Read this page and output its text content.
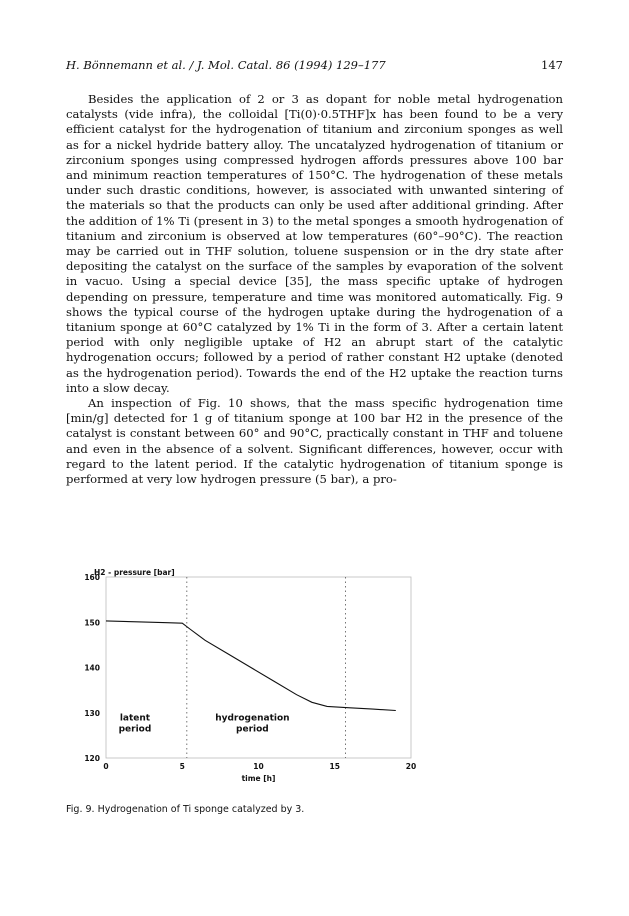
H. Bönnemann et al. / J. Mol. Catal. 86 (1994) 129–177	147

Besides the application of 2 or 3 as dopant for noble metal hydrogenation catalysts (vide infra), the colloidal [Ti(0)·0.5THF]x has been found to be a very efficient catalyst for the hydrogenation of titanium and zirconium sponges as well as for a nickel hydride battery alloy. The uncatalyzed hydrogenation of titanium or zirconium sponges using compressed hydrogen affords pressures above 100 bar and minimum reaction temperatures of 150°C. The hydrogenation of these metals under such drastic conditions, however, is associated with unwanted sintering of the materials so that the products can only be used after additional grinding. After the addition of 1% Ti (present in 3) to the metal sponges a smooth hydrogenation of titanium and zirconium is observed at low temperatures (60°–90°C). The reaction may be carried out in THF solution, toluene suspension or in the dry state after depositing the catalyst on the surface of the samples by evaporation of the solvent in vacuo. Using a special device [35], the mass specific uptake of hydrogen depending on pressure, temperature and time was monitored automatically. Fig. 9 shows the typical course of the hydrogen uptake during the hydrogenation of a titanium sponge at 60°C catalyzed by 1% Ti in the form of 3. After a certain latent period with only negligible uptake of H2 an abrupt start of the catalytic hydrogenation occurs; followed by a period of rather constant H2 uptake (denoted as the hydrogenation period). Towards the end of the H2 uptake the reaction turns into a slow decay.

An inspection of Fig. 10 shows, that the mass specific hydrogenation time [min/g] detected for 1 g of titanium sponge at 100 bar H2 in the presence of the catalyst is constant between 60° and 90°C, practically constant in THF and toluene and even in the absence of a solvent. Significant differences, however, occur with regard to the latent period. If the catalytic hydrogenation of titanium sponge is performed at very low hydrogen pressure (5 bar), a pro-

160
150
140
130
120
0	5	10	15	20
H2 - pressure [bar]
time [h]
latent period
hydrogenation period
Fig. 9. Hydrogenation of Ti sponge catalyzed by 3.
